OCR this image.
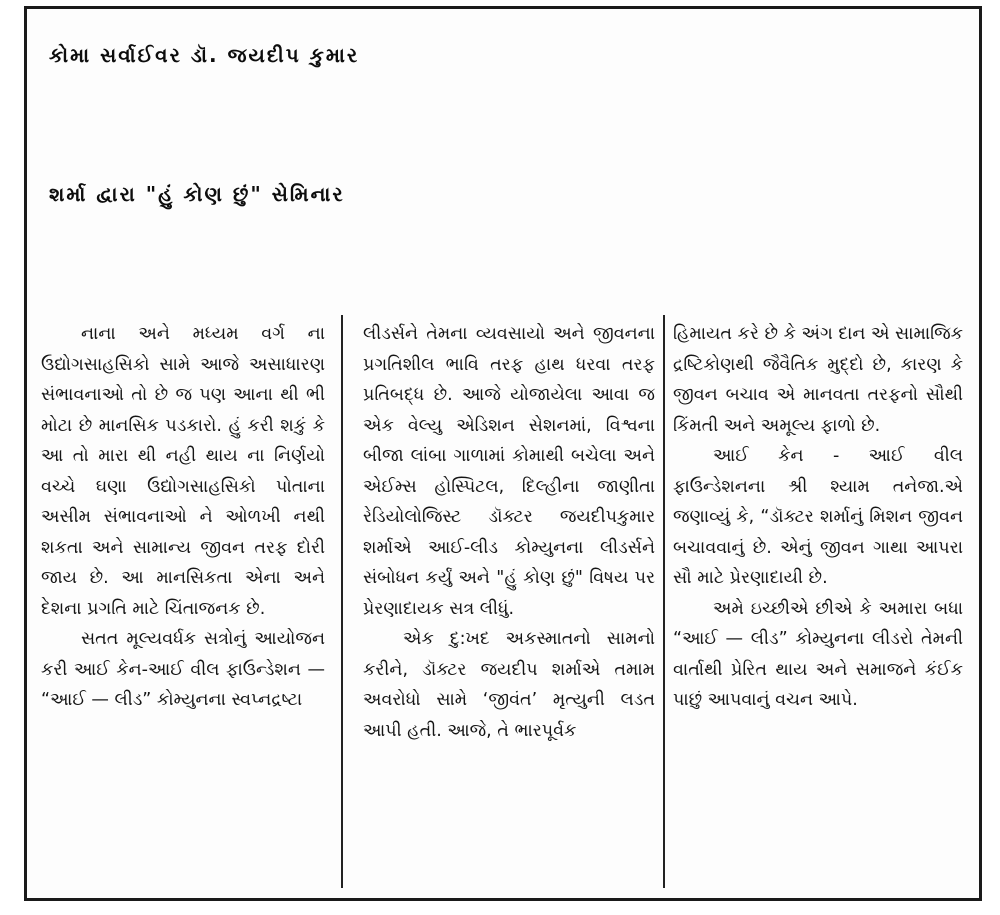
કોમા સર્વાઈવર ડૉ. જયદીપ કુમાર
શર્મા દ્વારા "હું કોણ છું" સેમિનાર

નાના અને મધ્યમ વર્ગ ના ઉદ્યોગસાહસિકો સામે આજે અસાધારણ સંભાવનાઓ તો છે જ પણ આના થી ભી મોટા છે માનસિક પડકારો. હું કરી શકું કે આ તો મારા થી નહી થાય ના નિર્ણયો વચ્ચે ઘણા ઉદ્યોગસાહસિકો પોતાના અસીમ સંભાવનાઓ ને ઓળખી નથી શકતા અને સામાન્ય જીવન તરફ દોરી જાય છે. આ માનસિકતા એના અને દેશના પ્રગતિ માટે ચિંતાજનક છે.

સતત મૂલ્યવર્ધક સત્રોનું આયોજન કરી આઈ કેન-આઈ વીલ ફાઉન્ડેશન — “આઈ — લીડ” કોમ્યુનના સ્વપ્નદ્રષ્ટા

લીડર્સને તેમના વ્યવસાયો અને જીવનના પ્રગતિશીલ ભાવિ તરફ હાથ ધરવા તરફ પ્રતિબદ્ધ છે. આજે યોજાયેલા આવા જ એક વેલ્યુ એડિશન સેશનમાં, વિશ્વના બીજા લાંબા ગાળામાં કોમાથી બચેલા અને એઈમ્સ હોસ્પિટલ, દિલ્હીના જાણીતા રેડિયોલોજિસ્ટ ડૉક્ટર જયદીપકુમાર શર્માએ આઈ-લીડ કોમ્યુનના લીડર્સને સંબોધન કર્યું અને "હું કોણ છું" વિષય પર પ્રેરણાદાયક સત્ર લીધું.

એક દુ:ખદ અકસ્માતનો સામનો કરીને, ડૉક્ટર જયદીપ શર્માએ તમામ અવરોધો સામે ‘જીવંત’ મૃત્યુની લડત આપી હતી. આજે, તે ભારપૂર્વક

હિમાયત કરે છે કે અંગ દાન એ સામાજિક દ્રષ્ટિકોણથી જૈવૈતિક મુદ્દો છે, કારણ કે જીવન બચાવ એ માનવતા તરફનો સૌથી કિંમતી અને અમૂલ્ય ફાળો છે.

આઈ કેન - આઈ વીલ ફાઉન્ડેશનના શ્રી શ્યામ તનેજા.એ જણાવ્યું કે, “ડૉક્ટર શર્માનું મિશન જીવન બચાવવાનું છે. એનું જીવન ગાથા આપરા સૌ માટે પ્રેરણાદાયી છે.

અમે ઇચ્છીએ છીએ કે અમારા બધા “આઈ — લીડ” કોમ્યુનના લીડરો તેમની વાર્તાથી પ્રેરિત થાય અને સમાજને કંઈક પાછું આપવાનું વચન આપે.
